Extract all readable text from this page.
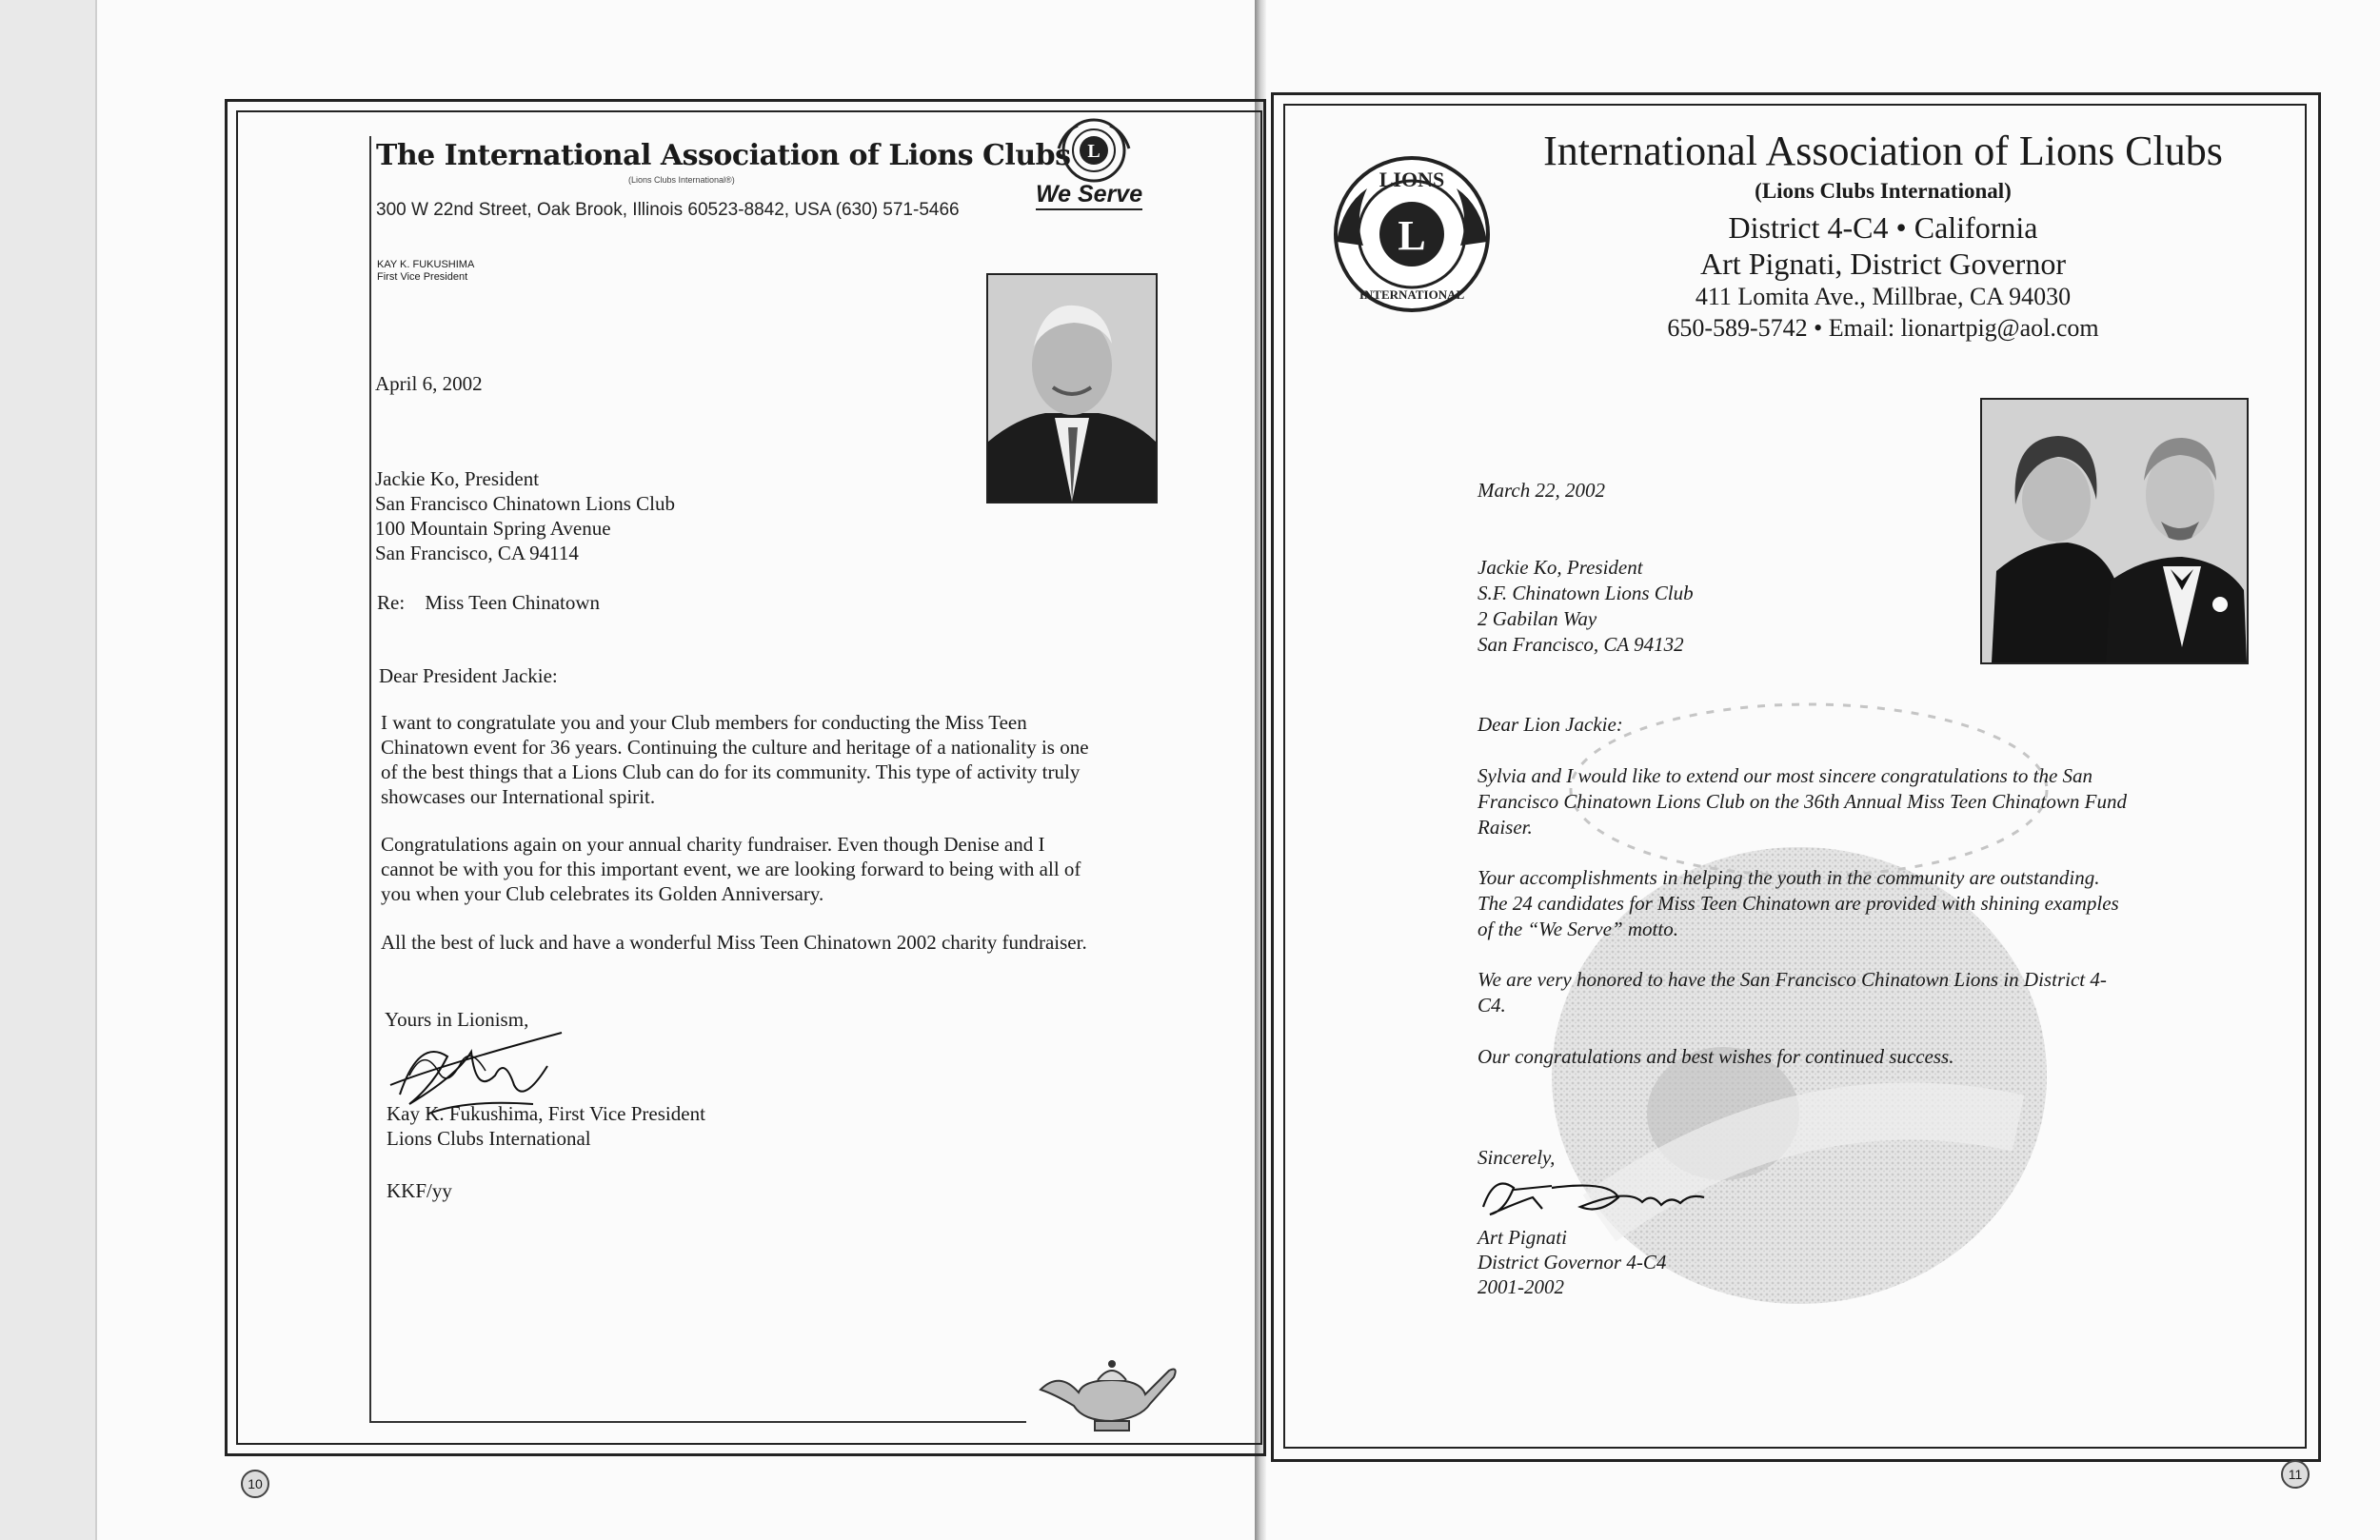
The International Association of Lions Clubs
(Lions Clubs International®)
300 W 22nd Street, Oak Brook, Illinois 60523-8842, USA (630) 571-5466
L
We Serve
KAY K. FUKUSHIMA
First Vice President
April 6, 2002
Jackie Ko, President
San Francisco Chinatown Lions Club
100 Mountain Spring Avenue
San Francisco, CA 94114
Re: Miss Teen Chinatown
Dear President Jackie:
I want to congratulate you and your Club members for conducting the Miss Teen Chinatown event for 36 years. Continuing the culture and heritage of a nationality is one of the best things that a Lions Club can do for its community. This type of activity truly showcases our International spirit.
Congratulations again on your annual charity fundraiser. Even though Denise and I cannot be with you for this important event, we are looking forward to being with all of you when your Club celebrates its Golden Anniversary.
All the best of luck and have a wonderful Miss Teen Chinatown 2002 charity fundraiser.
Yours in Lionism,
Kay K. Fukushima, First Vice President
Lions Clubs International
KKF/yy
10
L
LIONS
INTERNATIONAL
International Association of Lions Clubs
(Lions Clubs International)
District 4-C4 • California
Art Pignati, District Governor
411 Lomita Ave., Millbrae, CA 94030
650-589-5742 • Email: lionartpig@aol.com
March 22, 2002
Jackie Ko, President
S.F. Chinatown Lions Club
2 Gabilan Way
San Francisco, CA 94132
Dear Lion Jackie:
Sylvia and I would like to extend our most sincere congratulations to the San Francisco Chinatown Lions Club on the 36th Annual Miss Teen Chinatown Fund Raiser.
Your accomplishments in helping the youth in the community are outstanding. The 24 candidates for Miss Teen Chinatown are provided with shining examples of the “We Serve” motto.
We are very honored to have the San Francisco Chinatown Lions in District 4-C4.
Our congratulations and best wishes for continued success.
Sincerely,
Art Pignati
District Governor 4-C4
2001-2002
11
